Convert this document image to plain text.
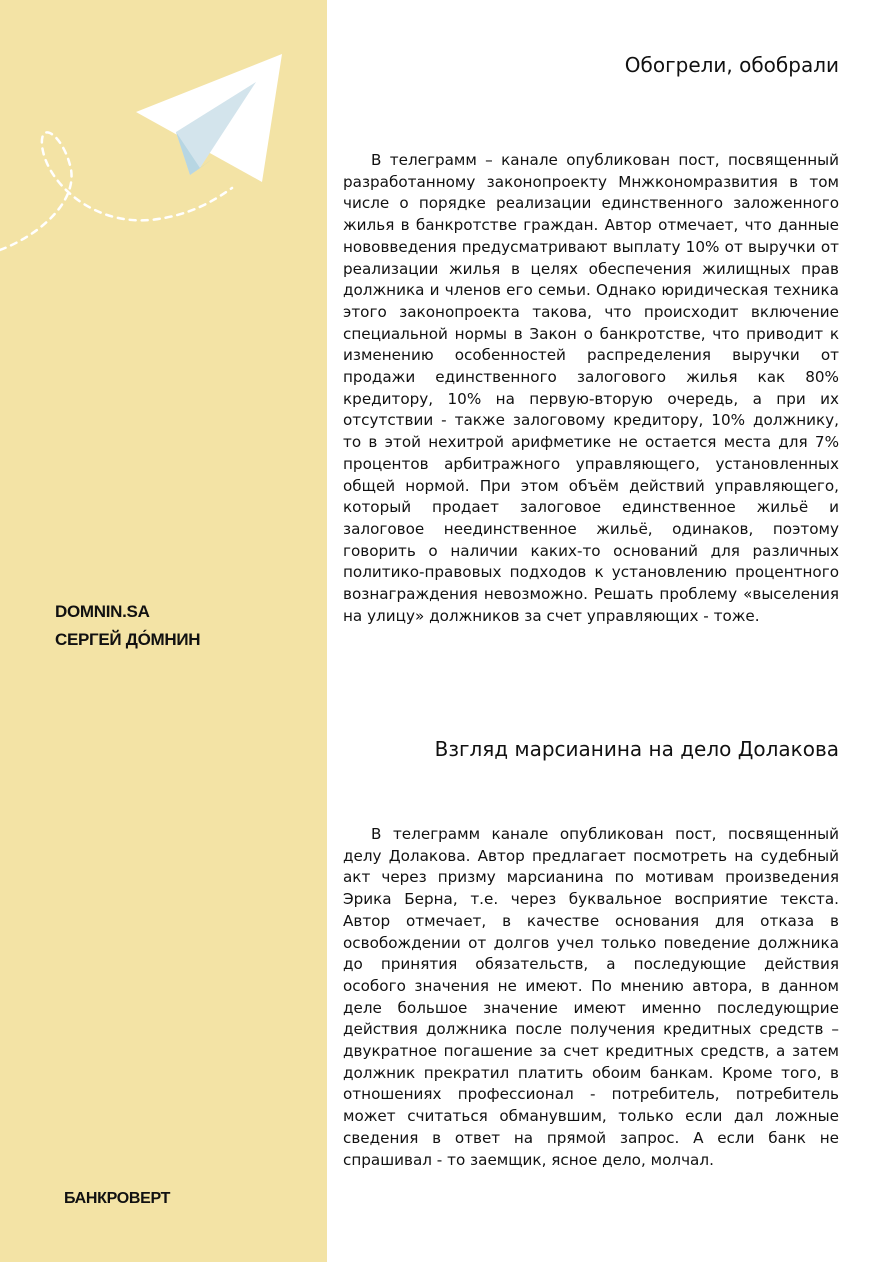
DOMNIN.SA
СЕРГЕЙ ДО́МНИН
БАНКРОВЕРТ
Обогрели, обобрали

В телеграмм – канале опубликован пост, посвященный разработанному законопроекту Мнжкономразвития в том числе о порядке реализации единственного заложенного жилья в банкротстве граждан. Автор отмечает, что данные нововведения предусматривают выплату 10% от выручки от реализации жилья в целях обеспечения жилищных прав должника и членов его семьи. Однако юридическая техника этого законопроекта такова, что происходит включение специальной нормы в Закон о банкротстве, что приводит к изменению особенностей распределения выручки от продажи единственного залогового жилья как 80% кредитору, 10% на первую-вторую очередь, а при их отсутствии - также залоговому кредитору, 10% должнику, то в этой нехитрой арифметике не остается места для 7% процентов арбитражного управляющего, установленных общей нормой. При этом объём действий управляющего, который продает залоговое единственное жильё и залоговое неединственное жильё, одинаков, поэтому говорить о наличии каких-то оснований для различных политико-правовых подходов к установлению процентного вознаграждения невозможно. Решать проблему «выселения на улицу» должников за счет управляющих - тоже.

Взгляд марсианина на дело Долакова

В телеграмм канале опубликован пост, посвященный делу Долакова. Автор предлагает посмотреть на судебный акт через призму марсианина по мотивам произведения Эрика Берна, т.е. через буквальное восприятие текста. Автор отмечает, в качестве основания для отказа в освобождении от долгов учел только поведение должника до принятия обязательств, а последующие действия особого значения не имеют. По мнению автора, в данном деле большое значение имеют именно последующрие действия должника после получения кредитных средств – двукратное погашение за счет кредитных средств, а затем должник прекратил платить обоим банкам. Кроме того, в отношениях профессионал - потребитель, потребитель может считаться обманувшим, только если дал ложные сведения в ответ на прямой запрос. А если банк не спрашивал - то заемщик, ясное дело, молчал.
